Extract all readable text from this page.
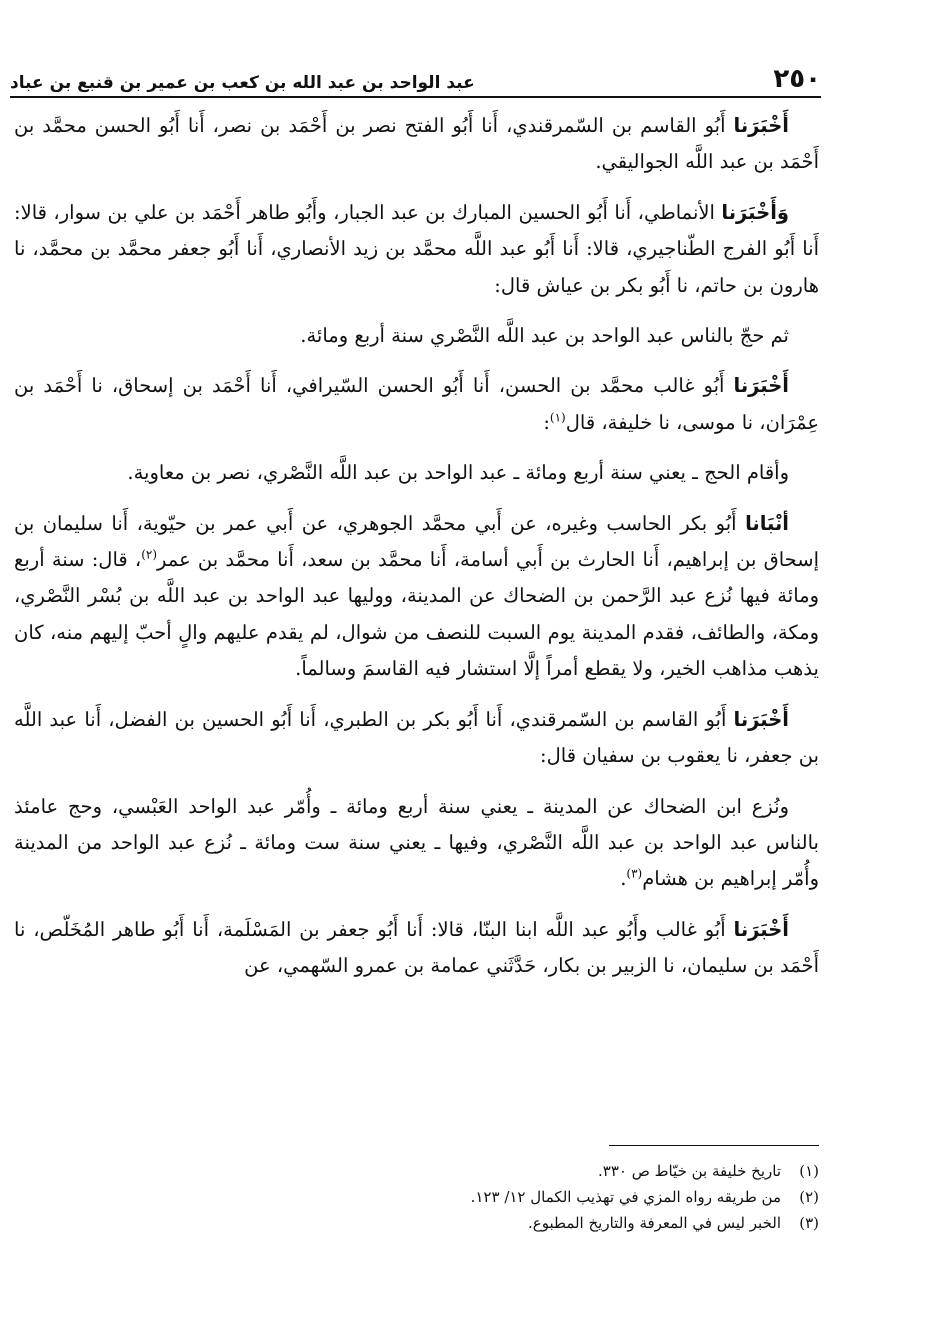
٢٥٠
عبد الواحد بن عبد الله بن كعب بن عمير بن قنبع بن عباد

أَخْبَرَنا أَبُو القاسم بن السّمرقندي، أَنا أَبُو الفتح نصر بن أَحْمَد بن نصر، أَنا أَبُو الحسن محمَّد بن أَحْمَد بن عبد اللَّه الجواليقي.

وَأَخْبَرَنا الأنماطي، أَنا أَبُو الحسين المبارك بن عبد الجبار، وأَبُو طاهر أَحْمَد بن علي بن سوار، قالا: أَنا أَبُو الفرج الطّناجيري، قالا: أَنا أَبُو عبد اللَّه محمَّد بن زيد الأنصاري، أَنا أَبُو جعفر محمَّد بن محمَّد، نا هارون بن حاتم، نا أَبُو بكر بن عياش قال:

ثم حجّ بالناس عبد الواحد بن عبد اللَّه النَّصْري سنة أربع ومائة.

أَخْبَرَنا أَبُو غالب محمَّد بن الحسن، أَنا أَبُو الحسن السّيرافي، أَنا أَحْمَد بن إسحاق، نا أَحْمَد بن عِمْرَان، نا موسى، نا خليفة، قال$^{(١)}$:

وأقام الحج ـ يعني سنة أربع ومائة ـ عبد الواحد بن عبد اللَّه النَّصْري، نصر بن معاوية.

أنْبَانا أَبُو بكر الحاسب وغيره، عن أَبي محمَّد الجوهري، عن أَبي عمر بن حيّوية، أَنا سليمان بن إسحاق بن إبراهيم، أَنا الحارث بن أَبي أسامة، أَنا محمَّد بن سعد، أَنا محمَّد بن عمر$^{(٢)}$، قال: سنة أربع ومائة فيها نُزع عبد الرَّحمن بن الضحاك عن المدينة، ووليها عبد الواحد بن عبد اللَّه بن بُسْر النَّصْري، ومكة، والطائف، فقدم المدينة يوم السبت للنصف من شوال، لم يقدم عليهم والٍ أحبّ إليهم منه، كان يذهب مذاهب الخير، ولا يقطع أمراً إلَّا استشار فيه القاسمَ وسالماً.

أَخْبَرَنا أَبُو القاسم بن السّمرقندي، أَنا أَبُو بكر بن الطبري، أَنا أَبُو الحسين بن الفضل، أَنا عبد اللَّه بن جعفر، نا يعقوب بن سفيان قال:

ونُزع ابن الضحاك عن المدينة ـ يعني سنة أربع ومائة ـ وأُمّر عبد الواحد العَبْسي، وحج عامئذ بالناس عبد الواحد بن عبد اللَّه النَّصْري، وفيها ـ يعني سنة ست ومائة ـ نُزع عبد الواحد من المدينة وأُمّر إبراهيم بن هشام$^{(٣)}$.

أَخْبَرَنا أَبُو غالب وأَبُو عبد اللَّه ابنا البنّا، قالا: أَنا أَبُو جعفر بن المَسْلَمة، أَنا أَبُو طاهر المُخَلّص، نا أَحْمَد بن سليمان، نا الزبير بن بكار، حَدَّثَني عمامة بن عمرو السّهمي، عن

(١)
تاريخ خليفة بن خيّاط ص ٣٣٠.
(٢)
من طريقه رواه المزي في تهذيب الكمال ١٢/ ١٢٣.
(٣)
الخبر ليس في المعرفة والتاريخ المطبوع.
